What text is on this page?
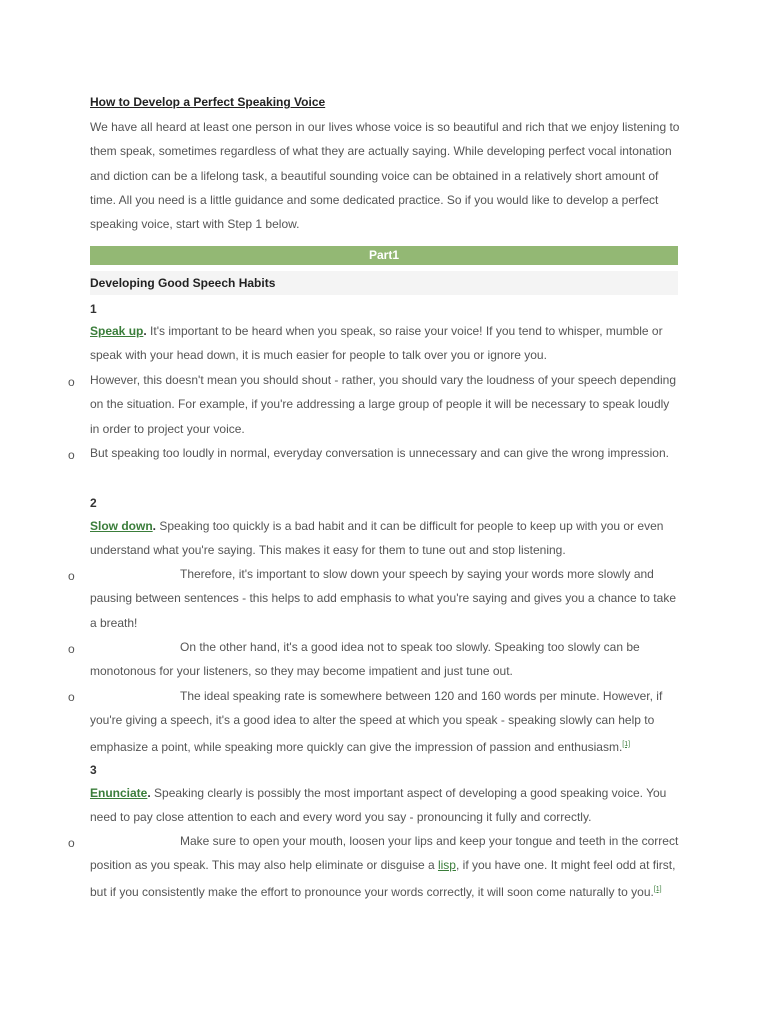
How to Develop a Perfect Speaking Voice
We have all heard at least one person in our lives whose voice is so beautiful and rich that we enjoy listening to them speak, sometimes regardless of what they are actually saying. While developing perfect vocal intonation and diction can be a lifelong task, a beautiful sounding voice can be obtained in a relatively short amount of time. All you need is a little guidance and some dedicated practice. So if you would like to develop a perfect speaking voice, start with Step 1 below.
Part1
Developing Good Speech Habits
1
Speak up. It's important to be heard when you speak, so raise your voice! If you tend to whisper, mumble or speak with your head down, it is much easier for people to talk over you or ignore you.
o However, this doesn't mean you should shout - rather, you should vary the loudness of your speech depending on the situation. For example, if you're addressing a large group of people it will be necessary to speak loudly in order to project your voice.
o But speaking too loudly in normal, everyday conversation is unnecessary and can give the wrong impression.
2
Slow down. Speaking too quickly is a bad habit and it can be difficult for people to keep up with you or even understand what you're saying. This makes it easy for them to tune out and stop listening.
o	Therefore, it's important to slow down your speech by saying your words more slowly and pausing between sentences - this helps to add emphasis to what you're saying and gives you a chance to take a breath!
o	On the other hand, it's a good idea not to speak too slowly. Speaking too slowly can be monotonous for your listeners, so they may become impatient and just tune out.
o	The ideal speaking rate is somewhere between 120 and 160 words per minute. However, if you're giving a speech, it's a good idea to alter the speed at which you speak - speaking slowly can help to emphasize a point, while speaking more quickly can give the impression of passion and enthusiasm.[1]
3
Enunciate. Speaking clearly is possibly the most important aspect of developing a good speaking voice. You need to pay close attention to each and every word you say - pronouncing it fully and correctly.
o	Make sure to open your mouth, loosen your lips and keep your tongue and teeth in the correct position as you speak. This may also help eliminate or disguise a lisp, if you have one. It might feel odd at first, but if you consistently make the effort to pronounce your words correctly, it will soon come naturally to you.[1]
